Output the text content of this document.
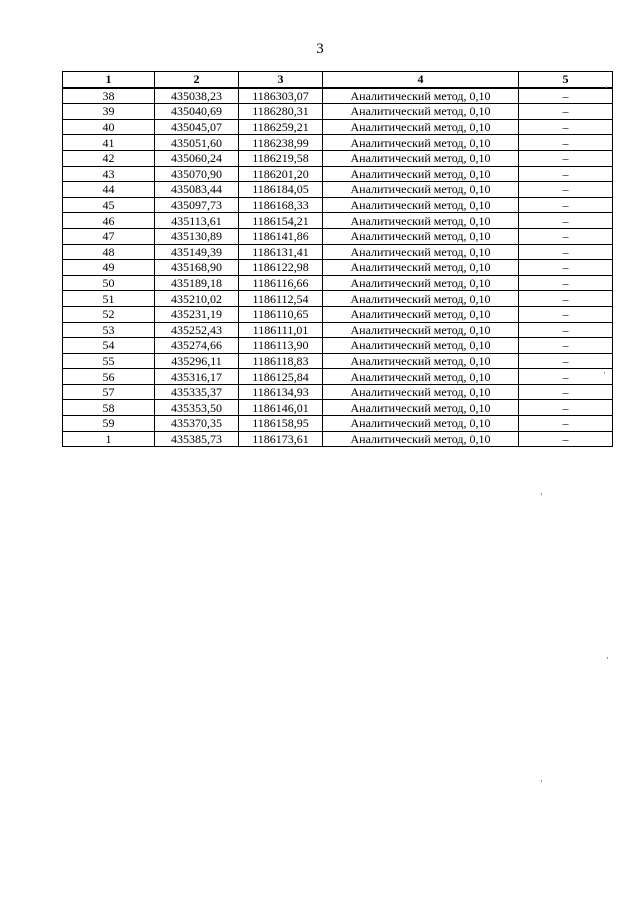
3
1	2	3	4	5
38	435038,23	1186303,07	Аналитический метод, 0,10	–
39	435040,69	1186280,31	Аналитический метод, 0,10	–
40	435045,07	1186259,21	Аналитический метод, 0,10	–
41	435051,60	1186238,99	Аналитический метод, 0,10	–
42	435060,24	1186219,58	Аналитический метод, 0,10	–
43	435070,90	1186201,20	Аналитический метод, 0,10	–
44	435083,44	1186184,05	Аналитический метод, 0,10	–
45	435097,73	1186168,33	Аналитический метод, 0,10	–
46	435113,61	1186154,21	Аналитический метод, 0,10	–
47	435130,89	1186141,86	Аналитический метод, 0,10	–
48	435149,39	1186131,41	Аналитический метод, 0,10	–
49	435168,90	1186122,98	Аналитический метод, 0,10	–
50	435189,18	1186116,66	Аналитический метод, 0,10	–
51	435210,02	1186112,54	Аналитический метод, 0,10	–
52	435231,19	1186110,65	Аналитический метод, 0,10	–
53	435252,43	1186111,01	Аналитический метод, 0,10	–
54	435274,66	1186113,90	Аналитический метод, 0,10	–
55	435296,11	1186118,83	Аналитический метод, 0,10	–
56	435316,17	1186125,84	Аналитический метод, 0,10	–
57	435335,37	1186134,93	Аналитический метод, 0,10	–
58	435353,50	1186146,01	Аналитический метод, 0,10	–
59	435370,35	1186158,95	Аналитический метод, 0,10	–
1	435385,73	1186173,61	Аналитический метод, 0,10	–
